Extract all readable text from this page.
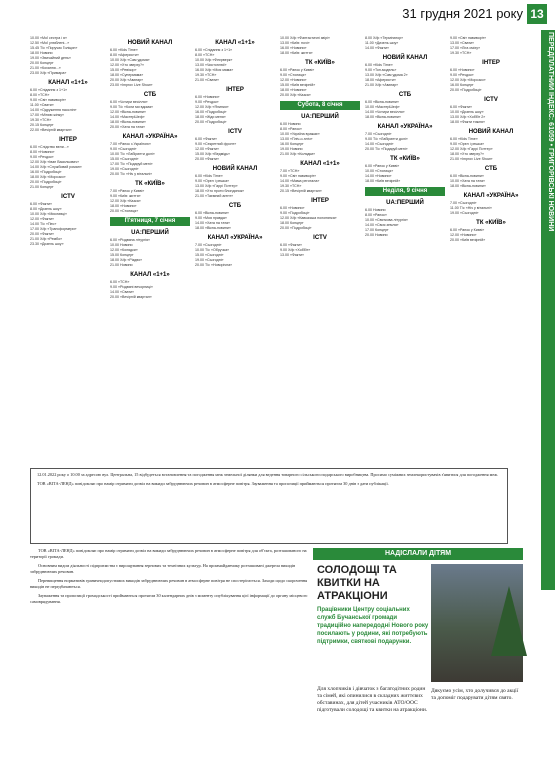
31 грудня 2021 року 13
ПЕРЕДПЛАТНИЙ ІНДЕКС: 61059 • ГРИГОРІВСЬКІ НОВИНИ
10.00 «Мої сестра і я»
12.50 «Мої улюблені...»
15.45 Т/с «Поручик Голіцин»
18.00 Новини
19.00 «Звичайний день»
20.00 Концерт
21.00 «Кохання...»
23.00 Х/ф «Примара»
КАНАЛ «1+1»
6.00 «Снідання з 1+1»
8.00 «ТСН»
9.00 «Світ навиворіт»
11.00 «Свати»
14.00 «Одруження наосліп»
17.00 «Міняю жінку»
19.30 «ТСН»
20.15 Концерт
22.00 «Вечірній квартал»
ІНТЕР
6.00 «Слідство вели...»
8.00 «Новини»
9.00 «Речдок»
12.00 Х/ф «Іван Васильович»
14.00 Х/ф «Службовий роман»
16.00 «Подробиці»
18.00 Х/ф «Морозко»
20.00 «Подробиці»
21.00 Концерт
ICTV
6.00 «Факти»
8.00 «Дизель шоу»
10.00 Х/ф «Мисливці»
12.00 «Факти»
14.00 Т/с «Пес»
17.00 Х/ф «Трансформери»
20.00 «Факти»
21.00 Х/ф «Рембо»
23.30 «Дизель шоу»
НОВИЙ КАНАЛ
6.00 «Kids Time»
8.00 «Аферисти»
10.00 Х/ф «Сам удома»
12.00 «Хто зверху?»
15.00 «Ревізор»
18.00 «Супермама»
20.00 Х/ф «Аватар»
23.00 «Improv Live Show»
СТБ
6.00 «Чотири весілля»
9.00 Т/с «Коли ми вдома»
12.00 «Вікна-новини»
14.00 «МастерШеф»
18.00 «Вікна-новини»
20.00 «Хата на тата»
КАНАЛ «УКРАЇНА»
7.00 «Ранок з Україною»
9.00 «Сьогодні»
10.00 Т/с «Лабіринти долі»
15.00 «Сьогодні»
17.00 Т/с «Подаруй мені»
19.00 «Сьогодні»
20.00 Т/с «Ніч у вітальні»
ТК «КИЇВ»
7.00 «Ранок у Києві»
9.00 «Київ: життя»
12.00 Х/ф «Казка»
18.00 «Новини»
20.00 «Столиця»
П'ятниця, 7 січня
UA:ПЕРШИЙ
6.00 «Різдвяна літургія»
10.00 Новини
12.00 «Колядки»
15.00 Концерт
18.00 Х/ф «Різдво»
21.00 Новини
КАНАЛ «1+1»
6.00 «ТСН»
9.00 «Різдвяні вечорниці»
14.00 «Свати»
20.00 «Вечірній квартал»
КАНАЛ «1+1»
6.00 «Снідання з 1+1»
8.00 «ТСН»
10.00 Х/ф «Феєрверк»
13.00 «Чистоплюї»
16.00 Х/ф «Моя мама»
19.30 «ТСН»
21.00 «Свати»
ІНТЕР
6.00 «Новини»
9.00 «Речдок»
12.00 Х/ф «Ялинки»
16.00 «Подробиці»
18.00 «Жди меня»
20.00 «Подробиці»
ICTV
6.00 «Факти»
9.00 «Секретний фронт»
12.00 «Факти»
15.00 Х/ф «Ведмідь»
20.00 «Факти»
НОВИЙ КАНАЛ
6.00 «Kids Time»
9.00 «Орел і решка»
13.00 Х/ф «Гаррі Поттер»
18.00 «Хто проти блондинок»
21.00 «Таємний агент»
СТБ
6.00 «Вікна-новини»
9.00 «Моя правда»
14.00 «Хата на тата»
18.00 «Вікна-новини»
КАНАЛ «УКРАЇНА»
7.00 «Сьогодні»
10.00 Т/с «Обручка»
15.00 «Сьогодні»
19.00 «Сьогодні»
20.00 Т/с «Новорічна»
10.00 Х/ф «Фантастичні звірі»
13.00 «Київ: ночі»
16.00 «Новини»
18.00 «Київ: життя»
ТК «КИЇВ»
6.00 «Ранок у Києві»
9.00 «Столиця»
12.00 «Новини»
15.00 «Київ вечірній»
18.00 «Новини»
20.00 Х/ф «Казка»
Субота, 8 січня
UA:ПЕРШИЙ
6.00 Новини
8.00 «Ранок»
10.00 «Україна вражає»
13.00 «Пліч-о-пліч»
16.00 Концерт
19.00 Новини
21.00 Х/ф «Колядки»
КАНАЛ «1+1»
7.00 «ТСН»
9.00 «Світ навиворіт»
14.00 «Мама реготала»
19.30 «ТСН»
20.15 «Вечірній квартал»
ІНТЕР
6.00 «Новини»
9.00 «Подробиці»
12.00 Х/ф «Кавказька полонянка»
18.00 Концерт
20.00 «Подробиці»
ICTV
6.00 «Факти»
9.00 Х/ф «Хоббіт»
13.00 «Факти»
8.00 Х/ф «Термінатор»
11.00 «Дизель шоу»
14.00 «Факти»
НОВИЙ КАНАЛ
6.00 «Kids Time»
9.00 «Топ-модель»
13.00 Х/ф «Сам удома 2»
18.00 «Аферисти»
21.00 Х/ф «Аватар»
СТБ
6.00 «Вікна-новини»
10.00 «МастерШеф»
14.00 «Чотири весілля»
18.00 «Вікна-новини»
КАНАЛ «УКРАЇНА»
7.00 «Сьогодні»
9.00 Т/с «Лабіринти долі»
14.00 «Сьогодні»
20.00 Т/с «Подаруй мені»
ТК «КИЇВ»
6.00 «Ранок у Києві»
10.00 «Столиця»
14.00 «Новини»
18.00 «Київ вечірній»
Неділя, 9 січня
UA:ПЕРШИЙ
6.00 Новини
8.00 «Ранок»
10.00 «Святкова літургія»
14.00 «Своя земля»
17.00 Концерт
20.00 Новини
9.00 «Світ навиворіт»
13.00 «Свати»
17.00 «Ліга сміху»
19.30 «ТСН»
ІНТЕР
6.00 «Новини»
9.00 «Речдок»
12.00 Х/ф «Морозко»
16.00 Концерт
20.00 «Подробиці»
ICTV
6.00 «Факти»
10.00 «Дизель шоу»
13.00 Х/ф «Хоббіт 2»
18.00 «Факти тижня»
НОВИЙ КАНАЛ
6.00 «Kids Time»
9.00 «Орел і решка»
12.00 Х/ф «Гаррі Поттер»
18.00 «Хто зверху?»
21.00 «Improv Live Show»
СТБ
6.00 «Вікна-новини»
10.00 «Хата на тата»
18.00 «Вікна-новини»
КАНАЛ «УКРАЇНА»
7.00 «Сьогодні»
11.00 Т/с «Ніч у вітальні»
19.00 «Сьогодні»
ТК «КИЇВ»
6.00 «Ранок у Києві»
12.00 «Новини»
20.00 «Київ вечірній»
12.01.2022 року о 10.00 за адресою вул. Центральна, 15 відбудеться встановлення та погодження меж земельної ділянки для ведення товарного сільськогосподарського виробництва. Просимо суміжних землекористувачів з'явитися для погодження меж.
ТОВ «ВІТА-ЛЕНД» повідомляє про намір отримати дозвіл на викиди забруднюючих речовин в атмосферне повітря. Зауваження та пропозиції приймаються протягом 30 днів з дати публікації.

ТОВ «ВІТА-ЛЕНД» повідомляє про намір отримати дозвіл на викиди забруднюючих речовин в атмосферне повітря для об'єкта, розташованого на території громади.

Основним видом діяльності підприємства є вирощування зернових та технічних культур. На проммайданчику розташовані джерела викидів забруднюючих речовин.

Перевищення нормативів граничнодопустимих викидів забруднюючих речовин в атмосферне повітря не спостерігається. Заходи щодо скорочення викидів не передбачаються.

Зауваження та пропозиції громадськості приймаються протягом 30 календарних днів з моменту опублікування цієї інформації до органу місцевого самоврядування.

НАДІСЛАЛИ ДІТЯМ
СОЛОДОЩІ ТА КВИТКИ НА АТРАКЦІОНИ
Працівники Центру соціальних служб Бучанської громади традиційно напередодні Нового року посилають у родини, які потребують підтримки, святкові подарунки.
Для хлопчиків і дівчаток з багатодітних родин та сімей, які опинилися в складних життєвих обставинах, для дітей учасників АТО/ООС підготували солодощі та квитки на атракціони.
Дякуємо усім, хто долучився до акції та допоміг подарувати дітям свято.
